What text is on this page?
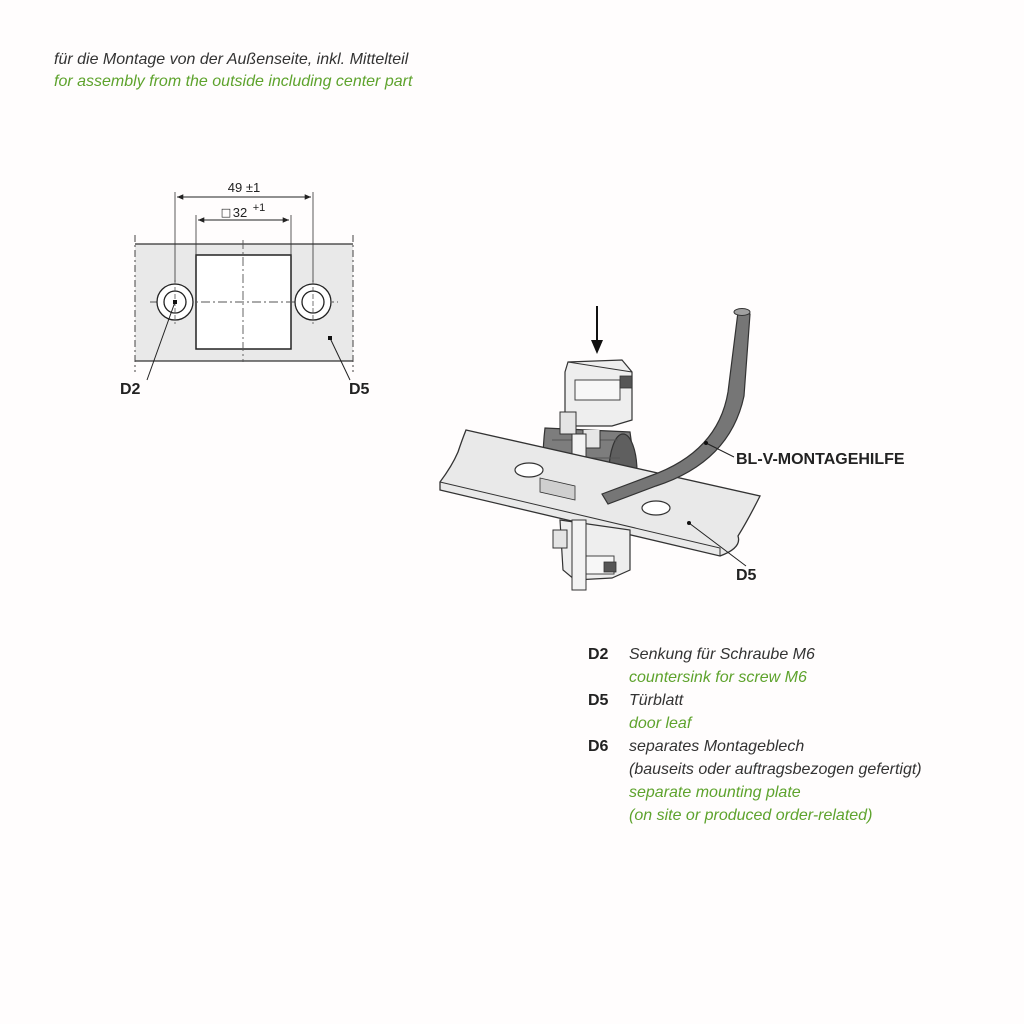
für die Montage von der Außenseite, inkl. Mittelteil
for assembly from the outside including center part
49 ±1
□ 32 +1
D2	D5
BL-V-MONTAGEHILFE
D5
D2	Senkung für Schraube M6
countersink for screw M6
D5	Türblatt
door leaf
D6	separates Montageblech
(bauseits oder auftragsbezogen gefertigt)
separate mounting plate
(on site or produced order-related)
